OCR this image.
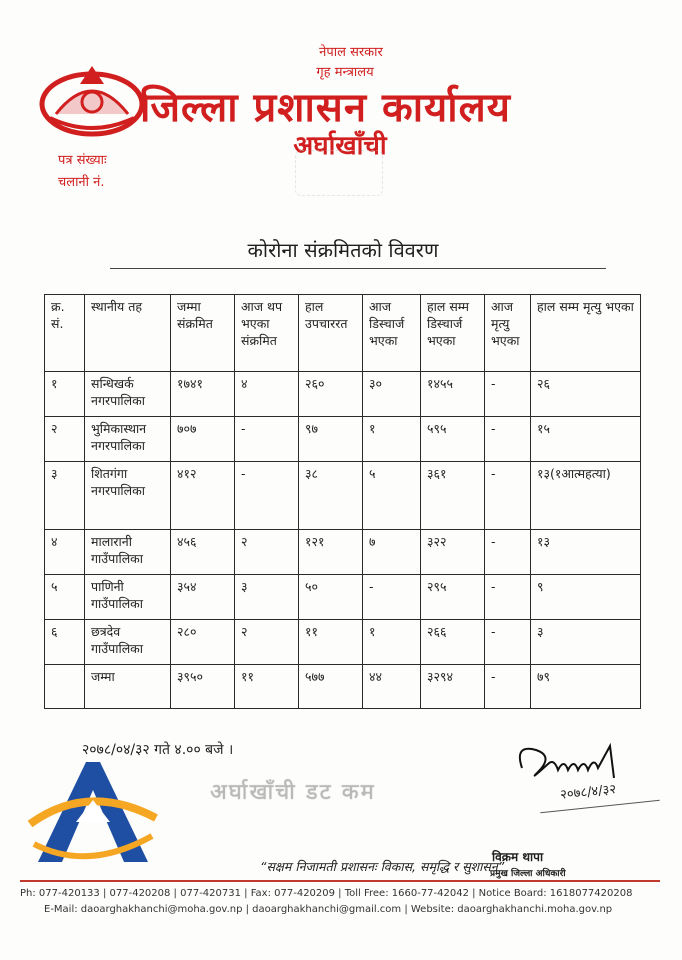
नेपाल सरकार
गृह मन्त्रालय
जिल्ला प्रशासन कार्यालय
अर्घाखाँची
पत्र संख्याः
चलानी नं.
कोरोना संक्रमितको विवरण
क्र. सं.	स्थानीय तह	जम्मा संक्रमित	आज थप भएका संक्रमित	हाल उपचाररत	आज डिस्चार्ज भएका	हाल सम्म डिस्चार्ज भएका	आज मृत्यु भएका	हाल सम्म मृत्यु भएका
१	सन्धिखर्क नगरपालिका	१७४१	४	२६०	३०	१४५५	-	२६
२	भुमिकास्थान नगरपालिका	७०७	-	९७	१	५९५	-	१५
३	शितगंगा नगरपालिका	४१२	-	३८	५	३६१	-	१३(१आत्महत्या)
४	मालारानी गाउँपालिका	४५६	२	१२१	७	३२२	-	१३
५	पाणिनी गाउँपालिका	३५४	३	५०	-	२९५	-	९
६	छत्रदेव गाउँपालिका	२८०	२	११	१	२६६	-	३
	जम्मा	३९५०	११	५७७	४४	३२९४	-	७९
२०७८/०४/३२ गते ४.०० बजे ।
अर्घाखाँची डट कम	२०७८/४/३२
विक्रम थापा
प्रमुख जिल्ला अधिकारी
“सक्षम निजामती प्रशासनः विकास, समृद्धि र सुशासन”
Ph: 077-420133 | 077-420208 | 077-420731 | Fax: 077-420209 | Toll Free: 1660-77-42042 | Notice Board: 1618077420208
E-Mail: daoarghakhanchi@moha.gov.np | daoarghakhanchi@gmail.com | Website: daoarghakhanchi.moha.gov.np
